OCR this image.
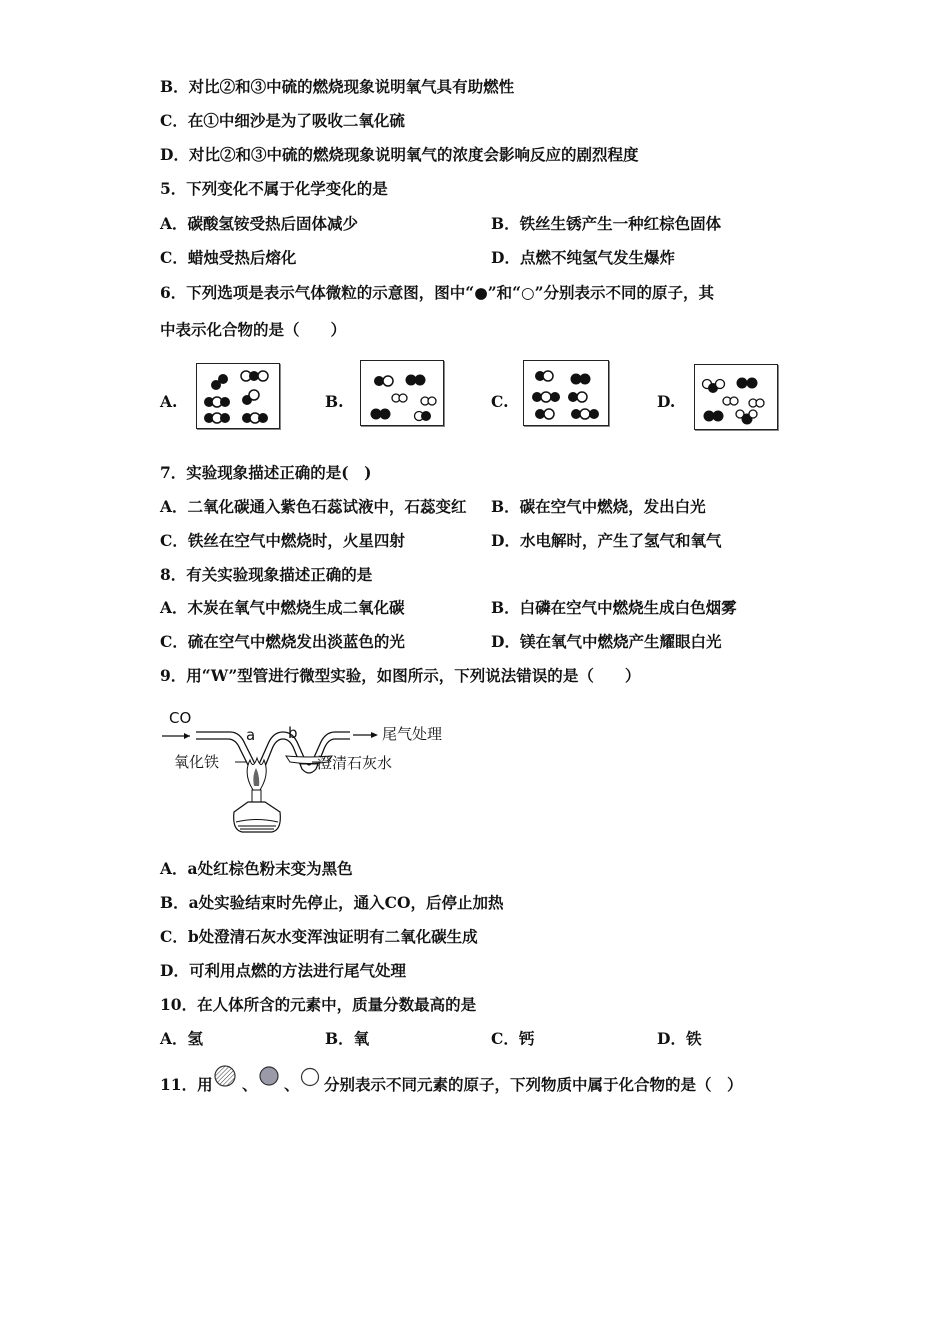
B．对比②和③中硫的燃烧现象说明氧气具有助燃性
C．在①中细沙是为了吸收二氧化硫
D．对比②和③中硫的燃烧现象说明氧气的浓度会影响反应的剧烈程度
5．下列变化不属于化学变化的是
A．碳酸氢铵受热后固体减少	B．铁丝生锈产生一种红棕色固体
C．蜡烛受热后熔化	D．点燃不纯氢气发生爆炸
6．下列选项是表示气体微粒的示意图，图中“●”和“○”分别表示不同的原子，其
中表示化合物的是（　　）
A.	B.	C.	D.
7．实验现象描述正确的是(　)
A．二氧化碳通入紫色石蕊试液中，石蕊变红 B．碳在空气中燃烧，发出白光
C．铁丝在空气中燃烧时，火星四射	D．水电解时，产生了氢气和氧气
8．有关实验现象描述正确的是
A．木炭在氧气中燃烧生成二氧化碳	B．白磷在空气中燃烧生成白色烟雾
C．硫在空气中燃烧发出淡蓝色的光	D．镁在氧气中燃烧产生耀眼白光
9．用“W”型管进行微型实验，如图所示，下列说法错误的是（　　）
CO
a b	尾气处理
氧化铁	澄清石灰水
A．a处红棕色粉末变为黑色
B．a处实验结束时先停止，通入CO，后停止加热
C．b处澄清石灰水变浑浊证明有二氧化碳生成
D．可利用点燃的方法进行尾气处理
10．在人体所含的元素中，质量分数最高的是
A．氢	B．氧	C．钙	D．铁
11．用 、 、 分别表示不同元素的原子，下列物质中属于化合物的是（　）
